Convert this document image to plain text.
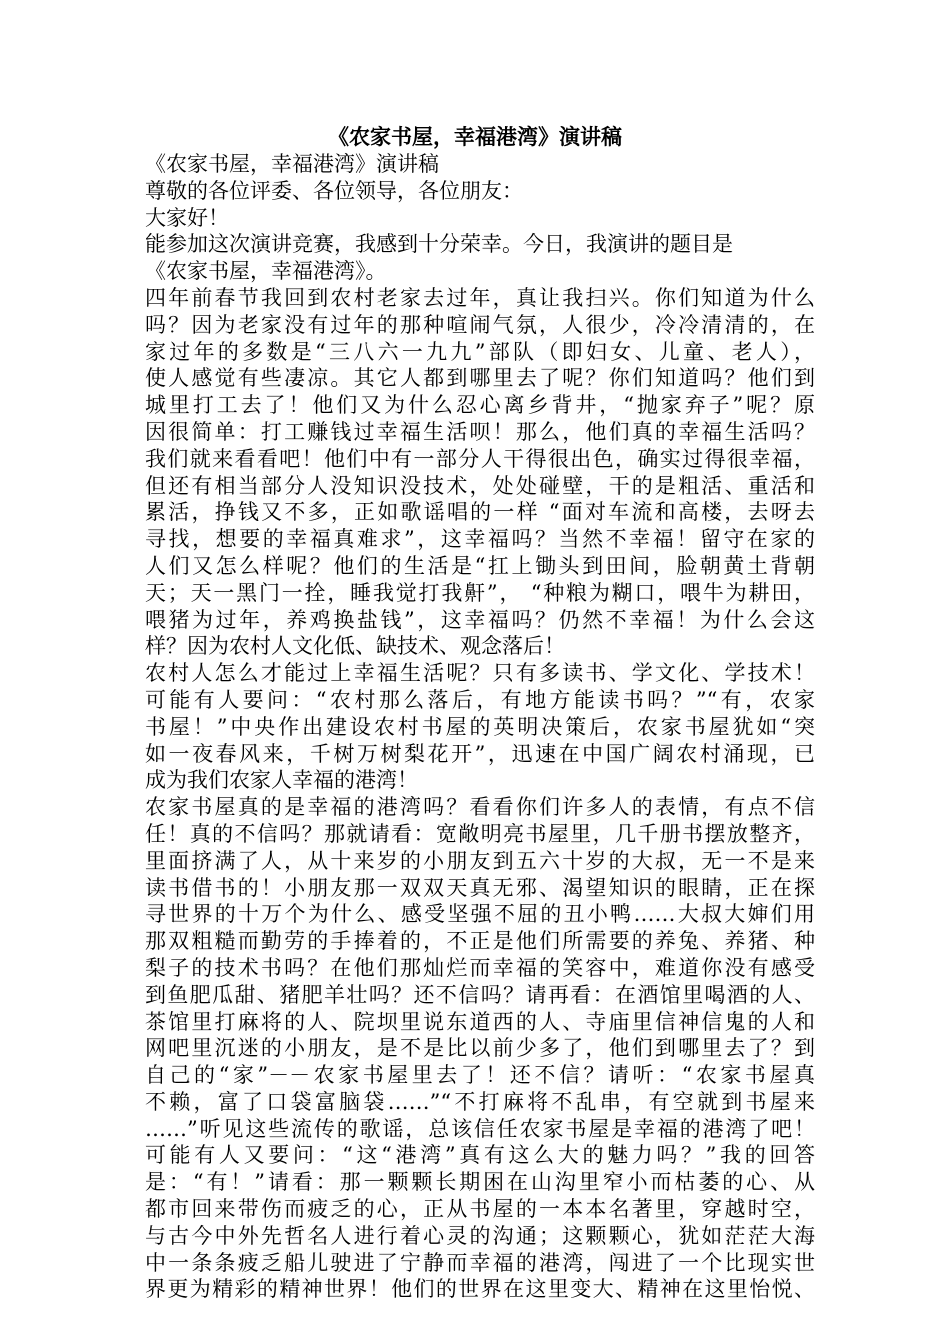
《农家书屋，幸福港湾》演讲稿
《农家书屋，幸福港湾》演讲稿
尊敬的各位评委、各位领导，各位朋友：
大家好！
能参加这次演讲竞赛，我感到十分荣幸。今日，我演讲的题目是
《农家书屋，幸福港湾》。
四年前春节我回到农村老家去过年，真让我扫兴。你们知道为什么
吗？因为老家没有过年的那种喧闹气氛，人很少，冷冷清清的，在
家过年的多数是“三八六一九九”部队（即妇女、儿童、老人），
使人感觉有些凄凉。其它人都到哪里去了呢？你们知道吗？他们到
城里打工去了！他们又为什么忍心离乡背井，“抛家弃子”呢？原
因很简单：打工赚钱过幸福生活呗！那么，他们真的幸福生活吗？
我们就来看看吧！他们中有一部分人干得很出色，确实过得很幸福，
但还有相当部分人没知识没技术，处处碰壁，干的是粗活、重活和
累活，挣钱又不多，正如歌谣唱的一样 “面对车流和高楼，去呀去
寻找，想要的幸福真难求”，这幸福吗？当然不幸福！留守在家的
人们又怎么样呢？他们的生活是“扛上锄头到田间，脸朝黄土背朝
天；天一黑门一拴，睡我觉打我鼾”， “种粮为糊口，喂牛为耕田，
喂猪为过年，养鸡换盐钱”，这幸福吗？仍然不幸福！为什么会这
样？因为农村人文化低、缺技术、观念落后！
农村人怎么才能过上幸福生活呢？只有多读书、学文化、学技术！
可能有人要问：“农村那么落后，有地方能读书吗？”“有，农家
书屋！”中央作出建设农村书屋的英明决策后，农家书屋犹如“突
如一夜春风来，千树万树梨花开”，迅速在中国广阔农村涌现，已
成为我们农家人幸福的港湾！
农家书屋真的是幸福的港湾吗？看看你们许多人的表情，有点不信
任！真的不信吗？那就请看：宽敞明亮书屋里，几千册书摆放整齐，
里面挤满了人，从十来岁的小朋友到五六十岁的大叔，无一不是来
读书借书的！小朋友那一双双天真无邪、渴望知识的眼睛，正在探
寻世界的十万个为什么、感受坚强不屈的丑小鸭……大叔大婶们用
那双粗糙而勤劳的手捧着的，不正是他们所需要的养兔、养猪、种
梨子的技术书吗？在他们那灿烂而幸福的笑容中，难道你没有感受
到鱼肥瓜甜、猪肥羊壮吗？还不信吗？请再看：在酒馆里喝酒的人、
茶馆里打麻将的人、院坝里说东道西的人、寺庙里信神信鬼的人和
网吧里沉迷的小朋友，是不是比以前少多了，他们到哪里去了？到
自己的“家”－－农家书屋里去了！还不信？请听：“农家书屋真
不赖，富了口袋富脑袋……”“不打麻将不乱串，有空就到书屋来
……”听见这些流传的歌谣，总该信任农家书屋是幸福的港湾了吧！
可能有人又要问：“这“港湾”真有这么大的魅力吗？”我的回答
是：“有！”请看：那一颗颗长期困在山沟里窄小而枯萎的心、从
都市回来带伤而疲乏的心，正从书屋的一本本名著里，穿越时空，
与古今中外先哲名人进行着心灵的沟通；这颗颗心，犹如茫茫大海
中一条条疲乏船儿驶进了宁静而幸福的港湾，闯进了一个比现实世
界更为精彩的精神世界！他们的世界在这里变大、精神在这里怡悦、
